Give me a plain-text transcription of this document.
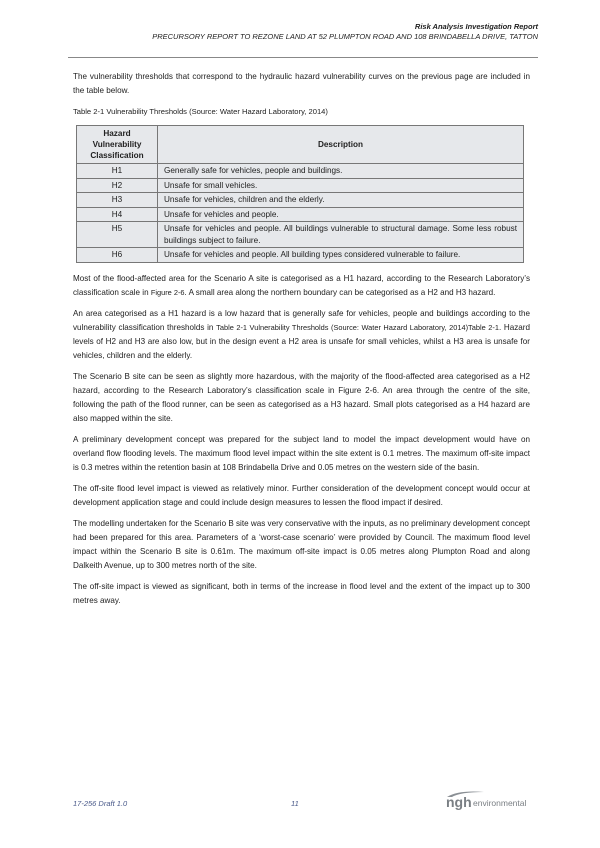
Risk Analysis Investigation Report
PRECURSORY REPORT TO REZONE LAND AT 52 PLUMPTON ROAD AND 108 BRINDABELLA DRIVE, TATTON

The vulnerability thresholds that correspond to the hydraulic hazard vulnerability curves on the previous page are included in the table below.

Table 2-1 Vulnerability Thresholds (Source: Water Hazard Laboratory, 2014)
Hazard Vulnerability Classification	Description
H1	Generally safe for vehicles, people and buildings.
H2	Unsafe for small vehicles.
H3	Unsafe for vehicles, children and the elderly.
H4	Unsafe for vehicles and people.
H5	Unsafe for vehicles and people. All buildings vulnerable to structural damage. Some less robust buildings subject to failure.
H6	Unsafe for vehicles and people. All building types considered vulnerable to failure.

Most of the flood-affected area for the Scenario A site is categorised as a H1 hazard, according to the Research Laboratory’s classification scale in Figure 2-6. A small area along the northern boundary can be categorised as a H2 and H3 hazard.

An area categorised as a H1 hazard is a low hazard that is generally safe for vehicles, people and buildings according to the vulnerability classification thresholds in Table 2-1 Vulnerability Thresholds (Source: Water Hazard Laboratory, 2014)Table 2-1. Hazard levels of H2 and H3 are also low, but in the design event a H2 area is unsafe for small vehicles, whilst a H3 area is unsafe for vehicles, children and the elderly.

The Scenario B site can be seen as slightly more hazardous, with the majority of the flood-affected area categorised as a H2 hazard, according to the Research Laboratory’s classification scale in Figure 2-6. An area through the centre of the site, following the path of the flood runner, can be seen as categorised as a H3 hazard. Small plots categorised as a H4 hazard are also mapped within the site.

A preliminary development concept was prepared for the subject land to model the impact development would have on overland flow flooding levels. The maximum flood level impact within the site extent is 0.1 metres. The maximum off-site impact is 0.3 metres within the retention basin at 108 Brindabella Drive and 0.05 metres on the western side of the basin.

The off-site flood level impact is viewed as relatively minor. Further consideration of the development concept would occur at development application stage and could include design measures to lessen the flood impact if desired.

The modelling undertaken for the Scenario B site was very conservative with the inputs, as no preliminary development concept had been prepared for this area. Parameters of a ‘worst-case scenario’ were provided by Council. The maximum flood level impact within the Scenario B site is 0.61m. The maximum off-site impact is 0.05 metres along Plumpton Road and along Dalkeith Avenue, up to 300 metres north of the site.

The off-site impact is viewed as significant, both in terms of the increase in flood level and the extent of the impact up to 300 metres away.

17-256 Draft 1.0	11	ngh environmental
